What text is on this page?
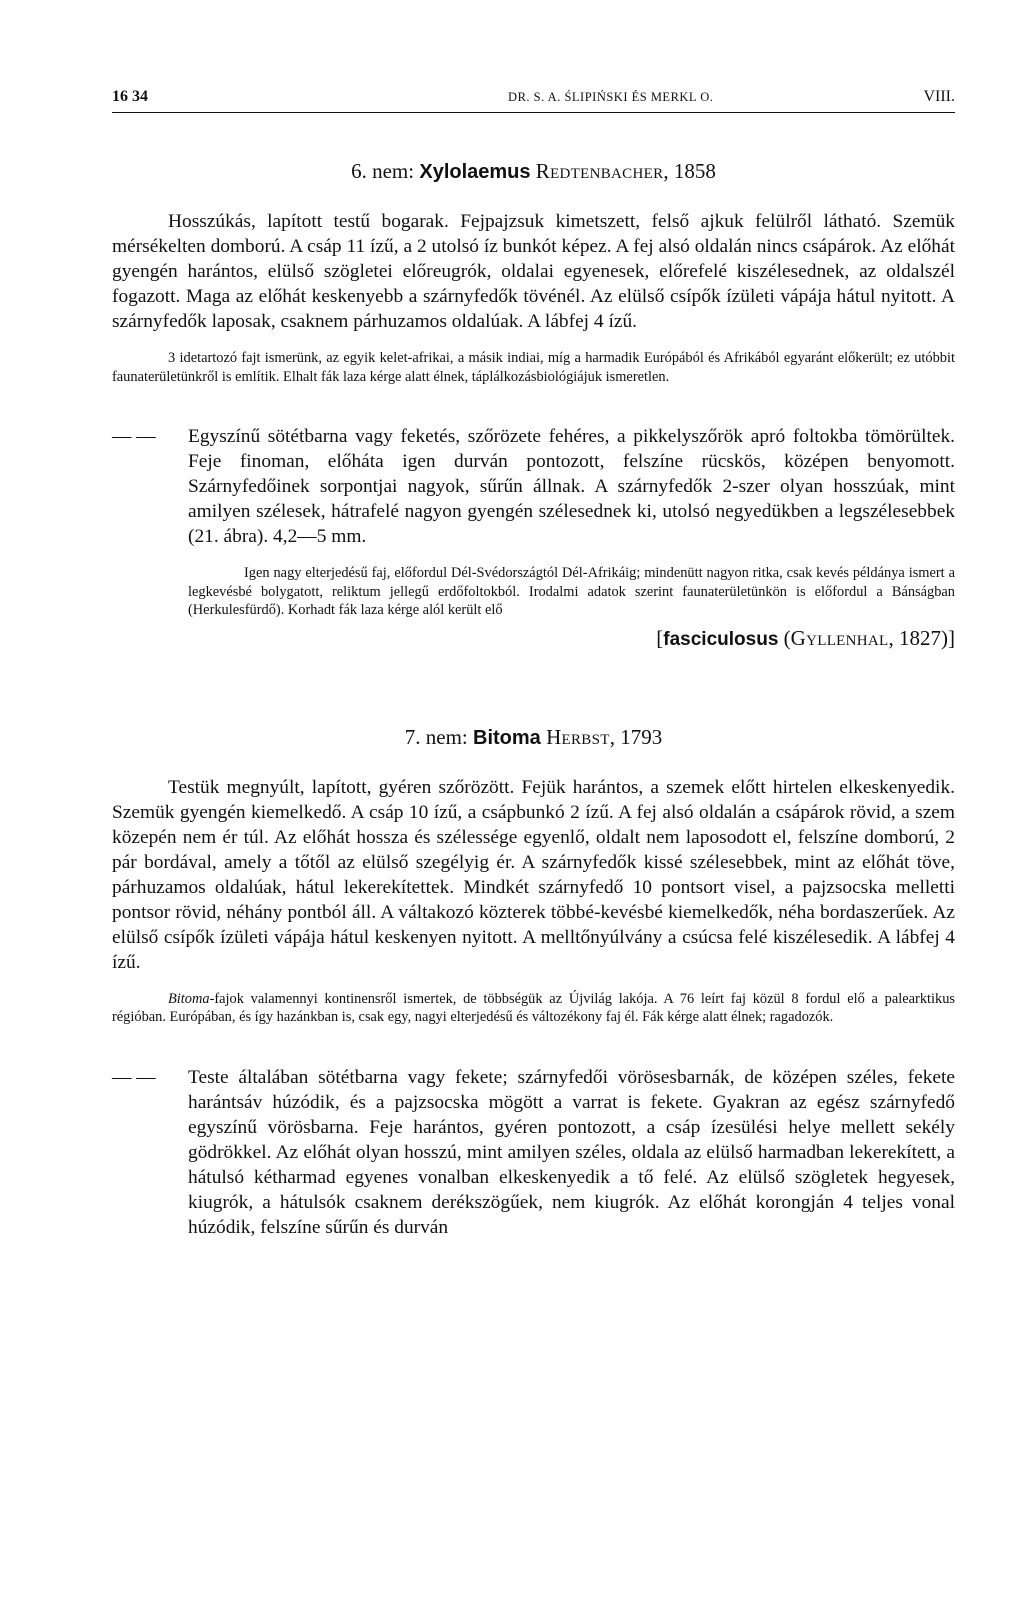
16 34	DR. S. A. ŚLIPIŃSKI ÉS MERKL O.	VIII.
6. nem: Xylolaemus Redtenbacher, 1858

Hosszúkás, lapított testű bogarak. Fejpajzsuk kimetszett, felső ajkuk felülről látható. Szemük mérsékelten domború. A csáp 11 ízű, a 2 utolsó íz bunkót képez. A fej alsó oldalán nincs csápárok. Az előhát gyengén harántos, elülső szögletei előreugrók, oldalai egyenesek, előrefelé kiszélesednek, az oldalszél fogazott. Maga az előhát keskenyebb a szárnyfedők tövénél. Az elülső csípők ízületi vápája hátul nyitott. A szárnyfedők laposak, csaknem párhuzamos oldalúak. A lábfej 4 ízű.

3 idetartozó fajt ismerünk, az egyik kelet-afrikai, a másik indiai, míg a harmadik Európából és Afrikából egyaránt előkerült; ez utóbbit faunaterületünkről is említik. Elhalt fák laza kérge alatt élnek, táplálkozásbiológiájuk ismeretlen.

— — Egyszínű sötétbarna vagy feketés, szőrözete fehéres, a pikkelyszőrök apró foltokba tömörültek. Feje finoman, előháta igen durván pontozott, felszíne rücskös, középen benyomott. Szárnyfedőinek sorpontjai nagyok, sűrűn állnak. A szárnyfedők 2-szer olyan hosszúak, mint amilyen szélesek, hátrafelé nagyon gyengén szélesednek ki, utolsó negyedükben a legszélesebbek (21. ábra). 4,2—5 mm.

Igen nagy elterjedésű faj, előfordul Dél-Svédországtól Dél-Afrikáig; mindenütt nagyon ritka, csak kevés példánya ismert a legkevésbé bolygatott, reliktum jellegű erdőfoltokból. Irodalmi adatok szerint faunaterületünkön is előfordul a Bánságban (Herkulesfürdő). Korhadt fák laza kérge alól került elő

[fasciculosus (Gyllenhal, 1827)]
7. nem: Bitoma Herbst, 1793

Testük megnyúlt, lapított, gyéren szőrözött. Fejük harántos, a szemek előtt hirtelen elkeskenyedik. Szemük gyengén kiemelkedő. A csáp 10 ízű, a csápbunkó 2 ízű. A fej alsó oldalán a csápárok rövid, a szem közepén nem ér túl. Az előhát hossza és szélessége egyenlő, oldalt nem laposodott el, felszíne domború, 2 pár bordával, amely a tőtől az elülső szegélyig ér. A szárnyfedők kissé szélesebbek, mint az előhát töve, párhuzamos oldalúak, hátul lekerekítettek. Mindkét szárnyfedő 10 pontsort visel, a pajzsocska melletti pontsor rövid, néhány pontból áll. A váltakozó közterek többé-kevésbé kiemelkedők, néha bordaszerűek. Az elülső csípők ízületi vápája hátul keskenyen nyitott. A melltőnyúlvány a csúcsa felé kiszélesedik. A lábfej 4 ízű.

Bitoma-fajok valamennyi kontinensről ismertek, de többségük az Újvilág lakója. A 76 leírt faj közül 8 fordul elő a palearktikus régióban. Európában, és így hazánkban is, csak egy, nagyi elterjedésű és változékony faj él. Fák kérge alatt élnek; ragadozók.

— — Teste általában sötétbarna vagy fekete; szárnyfedői vörösesbarnák, de középen széles, fekete harántsáv húzódik, és a pajzsocska mögött a varrat is fekete. Gyakran az egész szárnyfedő egyszínű vörösbarna. Feje harántos, gyéren pontozott, a csáp ízesülési helye mellett sekély gödrökkel. Az előhát olyan hosszú, mint amilyen széles, oldala az elülső harmadban lekerekített, a hátulsó kétharmad egyenes vonalban elkeskenyedik a tő felé. Az elülső szögletek hegyesek, kiugrók, a hátulsók csaknem derékszögűek, nem kiugrók. Az előhát korongján 4 teljes vonal húzódik, felszíne sűrűn és durván
